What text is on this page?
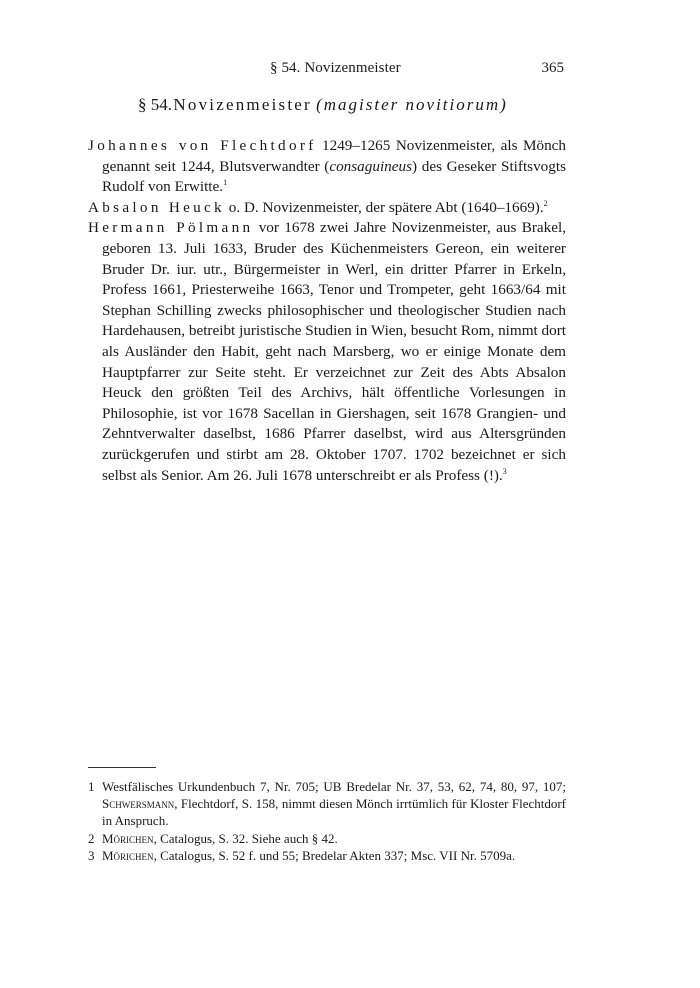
§ 54. Novizenmeister	365
§ 54. Novizenmeister (magister novitiorum)

Johannes von Flechtdorf 1249–1265 Novizenmeister, als Mönch genannt seit 1244, Blutsverwandter (consaguineus) des Geseker Stiftsvogts Rudolf von Erwitte.$^1$

Absalon Heuck o. D. Novizenmeister, der spätere Abt (1640–1669).$^2$

Hermann Pölmann vor 1678 zwei Jahre Novizenmeister, aus Brakel, geboren 13. Juli 1633, Bruder des Küchenmeisters Gereon, ein weiterer Bruder Dr. iur. utr., Bürgermeister in Werl, ein dritter Pfarrer in Erkeln, Profess 1661, Priesterweihe 1663, Tenor und Trompeter, geht 1663/64 mit Stephan Schilling zwecks philosophischer und theologischer Studien nach Hardehausen, betreibt juristische Studien in Wien, besucht Rom, nimmt dort als Ausländer den Habit, geht nach Marsberg, wo er einige Monate dem Hauptpfarrer zur Seite steht. Er verzeichnet zur Zeit des Abts Absalon Heuck den größten Teil des Archivs, hält öffentliche Vorlesungen in Philosophie, ist vor 1678 Sacellan in Giershagen, seit 1678 Grangien- und Zehntverwalter daselbst, 1686 Pfarrer daselbst, wird aus Altersgründen zurückgerufen und stirbt am 28. Oktober 1707. 1702 bezeichnet er sich selbst als Senior. Am 26. Juli 1678 unterschreibt er als Profess (!).$^3$

1 Westfälisches Urkundenbuch 7, Nr. 705; UB Bredelar Nr. 37, 53, 62, 74, 80, 97, 107; Schwersmann, Flechtdorf, S. 158, nimmt diesen Mönch irrtümlich für Kloster Flechtdorf in Anspruch.

2 Mörichen, Catalogus, S. 32. Siehe auch § 42.

3 Mörichen, Catalogus, S. 52 f. und 55; Bredelar Akten 337; Msc. VII Nr. 5709a.
